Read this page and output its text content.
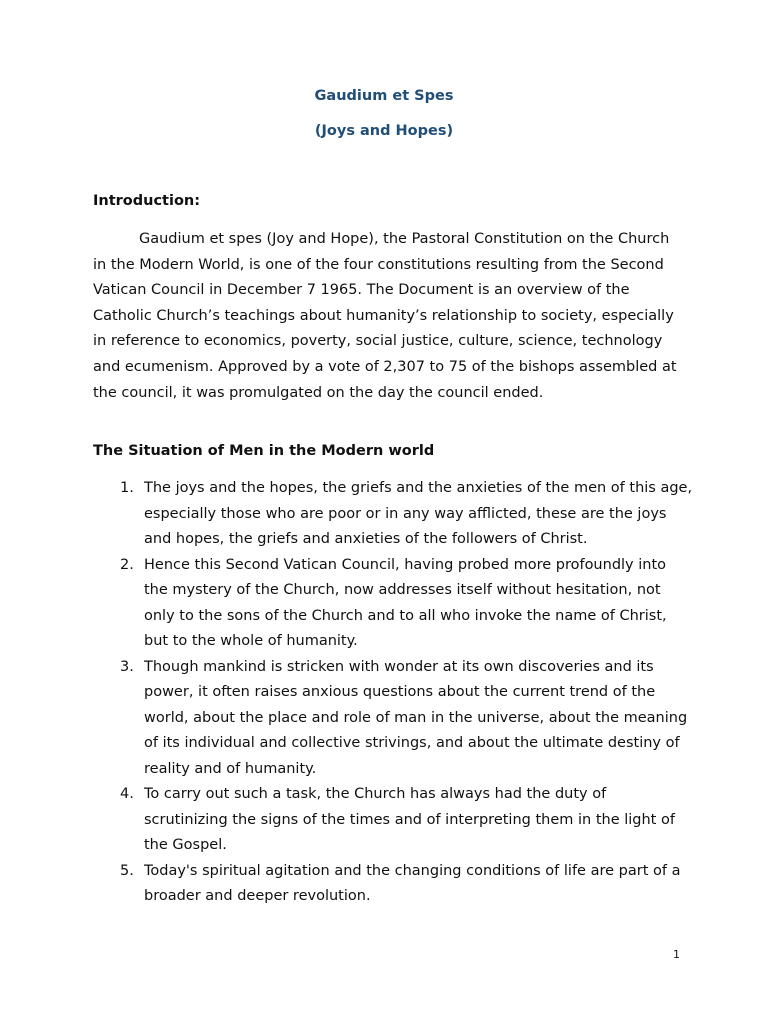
Gaudium et Spes
(Joys and Hopes)
Introduction:

Gaudium et spes (Joy and Hope), the Pastoral Constitution on the Church in the Modern World, is one of the four constitutions resulting from the Second Vatican Council in December 7 1965. The Document is an overview of the Catholic Church’s teachings about humanity’s relationship to society, especially in reference to economics, poverty, social justice, culture, science, technology and ecumenism. Approved by a vote of 2,307 to 75 of the bishops assembled at the council, it was promulgated on the day the council ended.

The Situation of Men in the Modern world
1. The joys and the hopes, the griefs and the anxieties of the men of this age, especially those who are poor or in any way afflicted, these are the joys and hopes, the griefs and anxieties of the followers of Christ.
2. Hence this Second Vatican Council, having probed more profoundly into the mystery of the Church, now addresses itself without hesitation, not only to the sons of the Church and to all who invoke the name of Christ, but to the whole of humanity.
3. Though mankind is stricken with wonder at its own discoveries and its power, it often raises anxious questions about the current trend of the world, about the place and role of man in the universe, about the meaning of its individual and collective strivings, and about the ultimate destiny of reality and of humanity.
4. To carry out such a task, the Church has always had the duty of scrutinizing the signs of the times and of interpreting them in the light of the Gospel.
5. Today's spiritual agitation and the changing conditions of life are part of a broader and deeper revolution.
1
